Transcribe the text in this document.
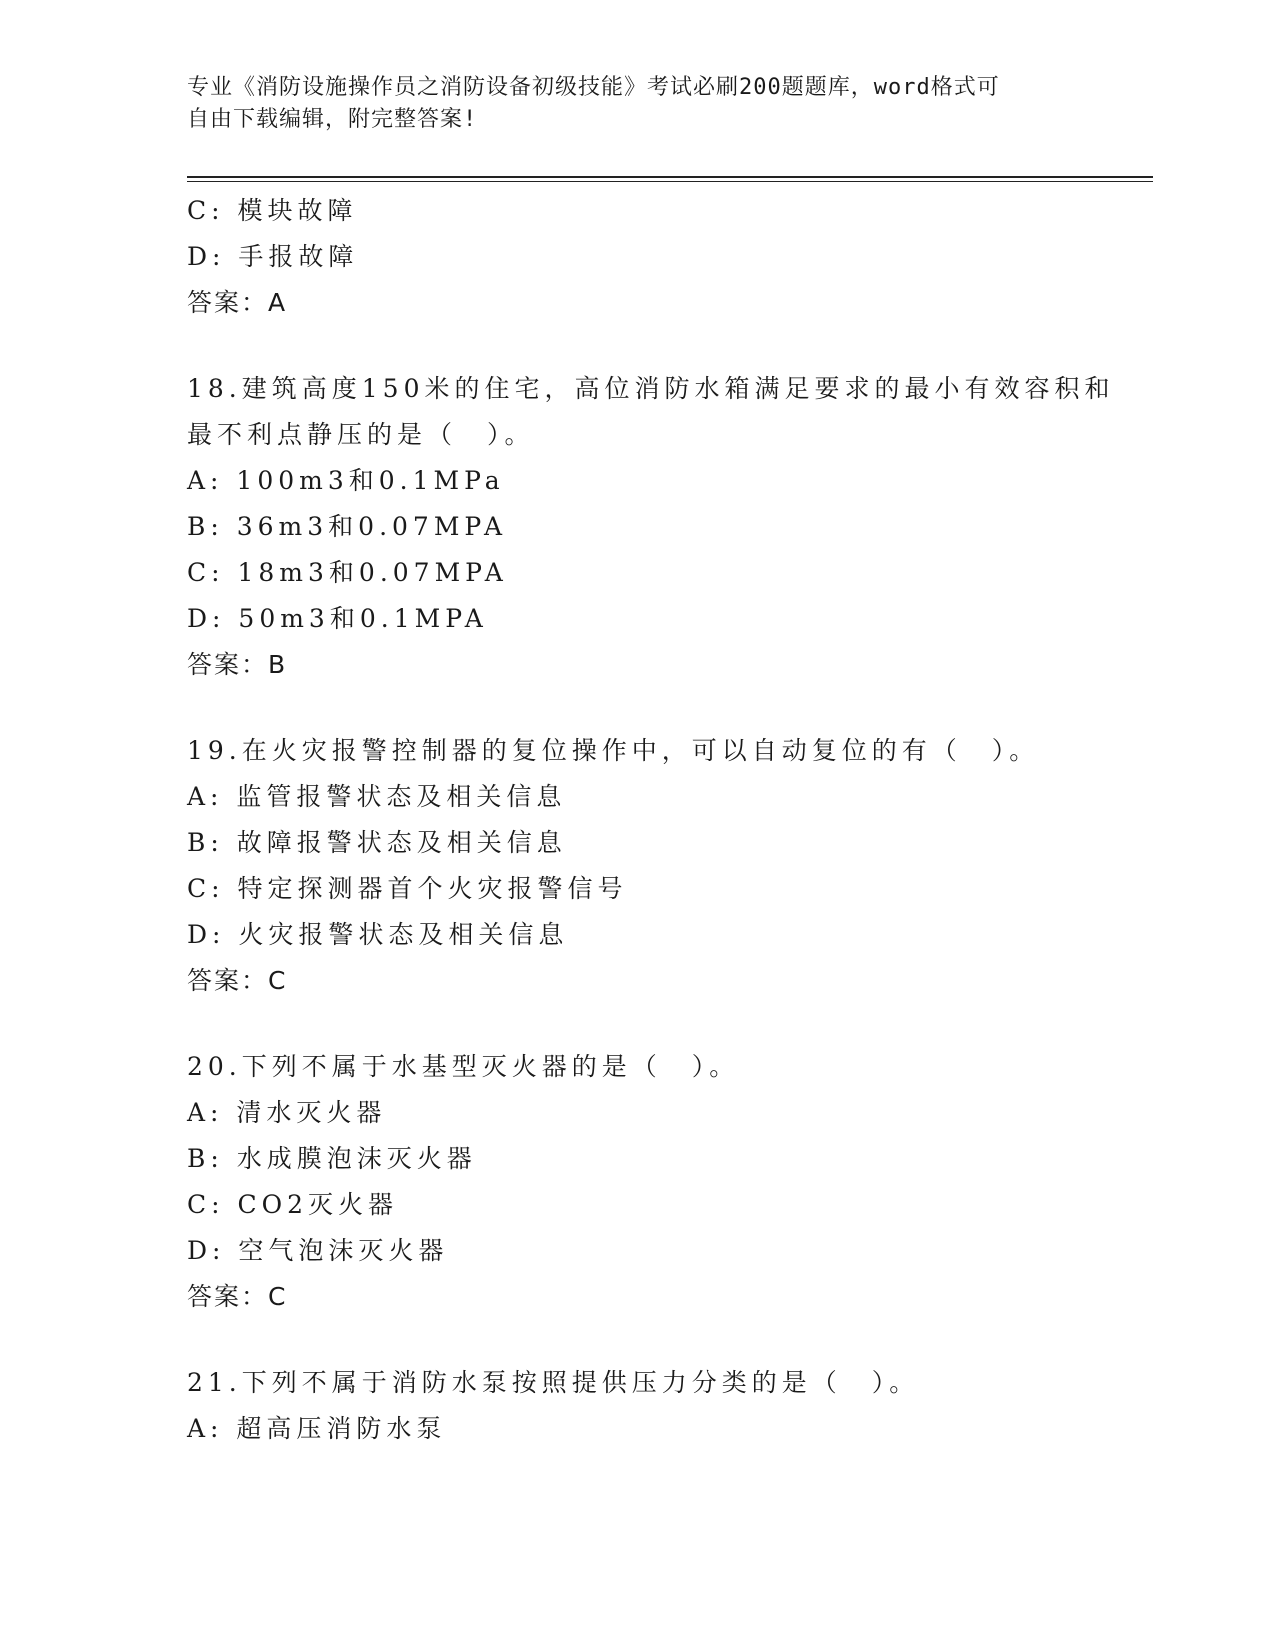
专业《消防设施操作员之消防设备初级技能》考试必刷200题题库，word格式可
自由下载编辑，附完整答案!
C: 模块故障
D: 手报故障
答案：A
18.建筑高度150米的住宅，高位消防水箱满足要求的最小有效容积和
最不利点静压的是（　）。
A: 100m3和0.1MPa
B: 36m3和0.07MPA
C: 18m3和0.07MPA
D: 50m3和0.1MPA
答案：B
19.在火灾报警控制器的复位操作中，可以自动复位的有（　）。
A: 监管报警状态及相关信息
B: 故障报警状态及相关信息
C: 特定探测器首个火灾报警信号
D: 火灾报警状态及相关信息
答案：C
20.下列不属于水基型灭火器的是（　）。
A: 清水灭火器
B: 水成膜泡沫灭火器
C: CO2灭火器
D: 空气泡沫灭火器
答案：C
21.下列不属于消防水泵按照提供压力分类的是（　）。
A: 超高压消防水泵
